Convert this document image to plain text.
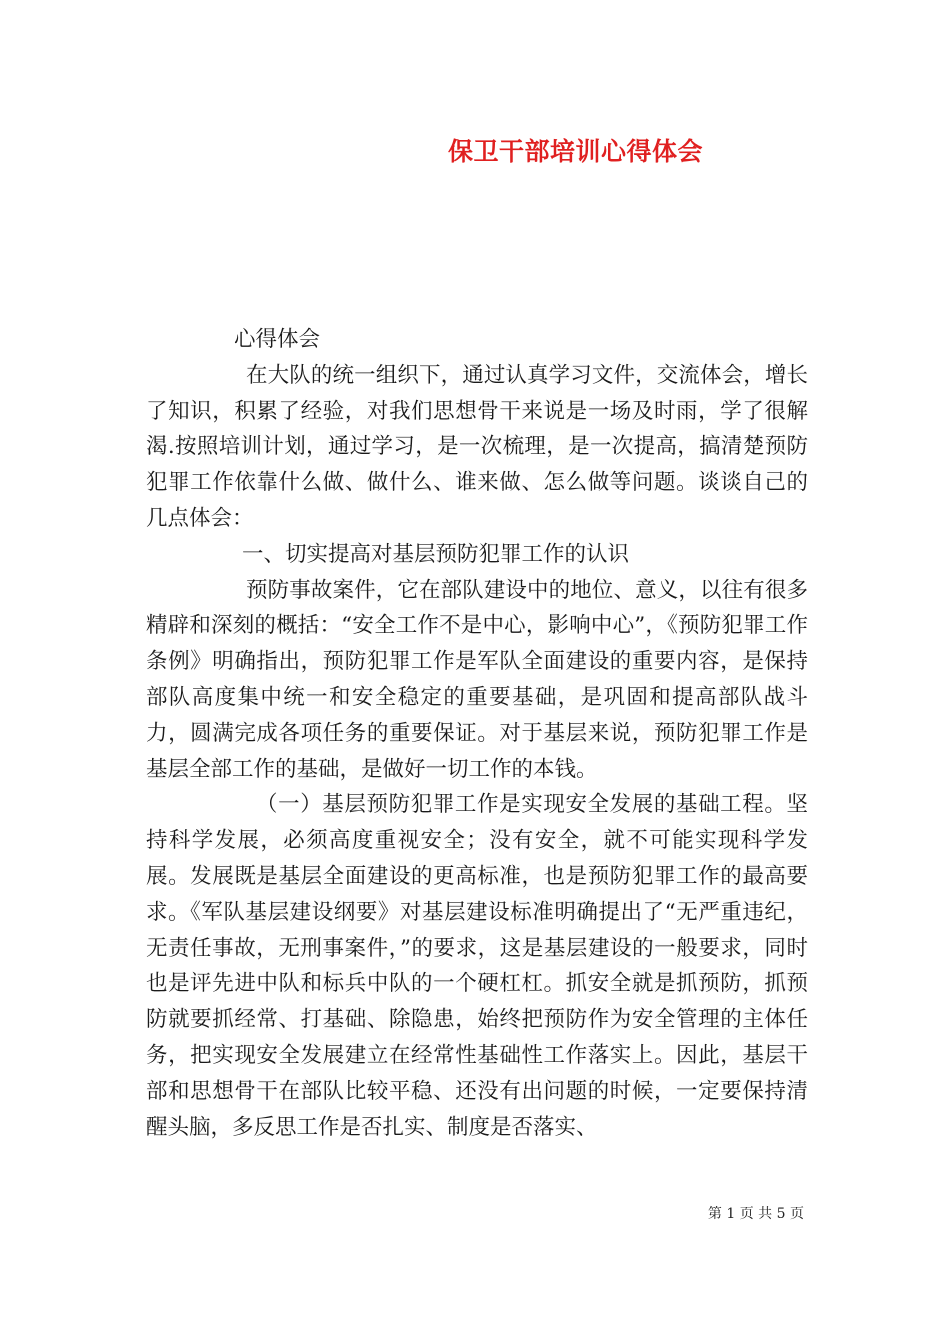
保卫干部培训心得体会

心得体会

在大队的统一组织下，通过认真学习文件，交流体会，增长了知识，积累了经验，对我们思想骨干来说是一场及时雨，学了很解渴.按照培训计划，通过学习，是一次梳理，是一次提高，搞清楚预防犯罪工作依靠什么做、做什么、谁来做、怎么做等问题。谈谈自己的几点体会：

一、切实提高对基层预防犯罪工作的认识

预防事故案件，它在部队建设中的地位、意义，以往有很多精辟和深刻的概括：“安全工作不是中心，影响中心”，《预防犯罪工作条例》明确指出，预防犯罪工作是军队全面建设的重要内容，是保持部队高度集中统一和安全稳定的重要基础，是巩固和提高部队战斗力，圆满完成各项任务的重要保证。对于基层来说，预防犯罪工作是基层全部工作的基础，是做好一切工作的本钱。

（一）基层预防犯罪工作是实现安全发展的基础工程。坚持科学发展，必须高度重视安全；没有安全，就不可能实现科学发展。发展既是基层全面建设的更高标准，也是预防犯罪工作的最高要求。《军队基层建设纲要》对基层建设标准明确提出了“无严重违纪，无责任事故，无刑事案件，”的要求，这是基层建设的一般要求，同时也是评先进中队和标兵中队的一个硬杠杠。抓安全就是抓预防，抓预防就要抓经常、打基础、除隐患，始终把预防作为安全管理的主体任务，把实现安全发展建立在经常性基础性工作落实上。因此，基层干部和思想骨干在部队比较平稳、还没有出问题的时候，一定要保持清醒头脑，多反思工作是否扎实、制度是否落实、

第 1 页 共 5 页
